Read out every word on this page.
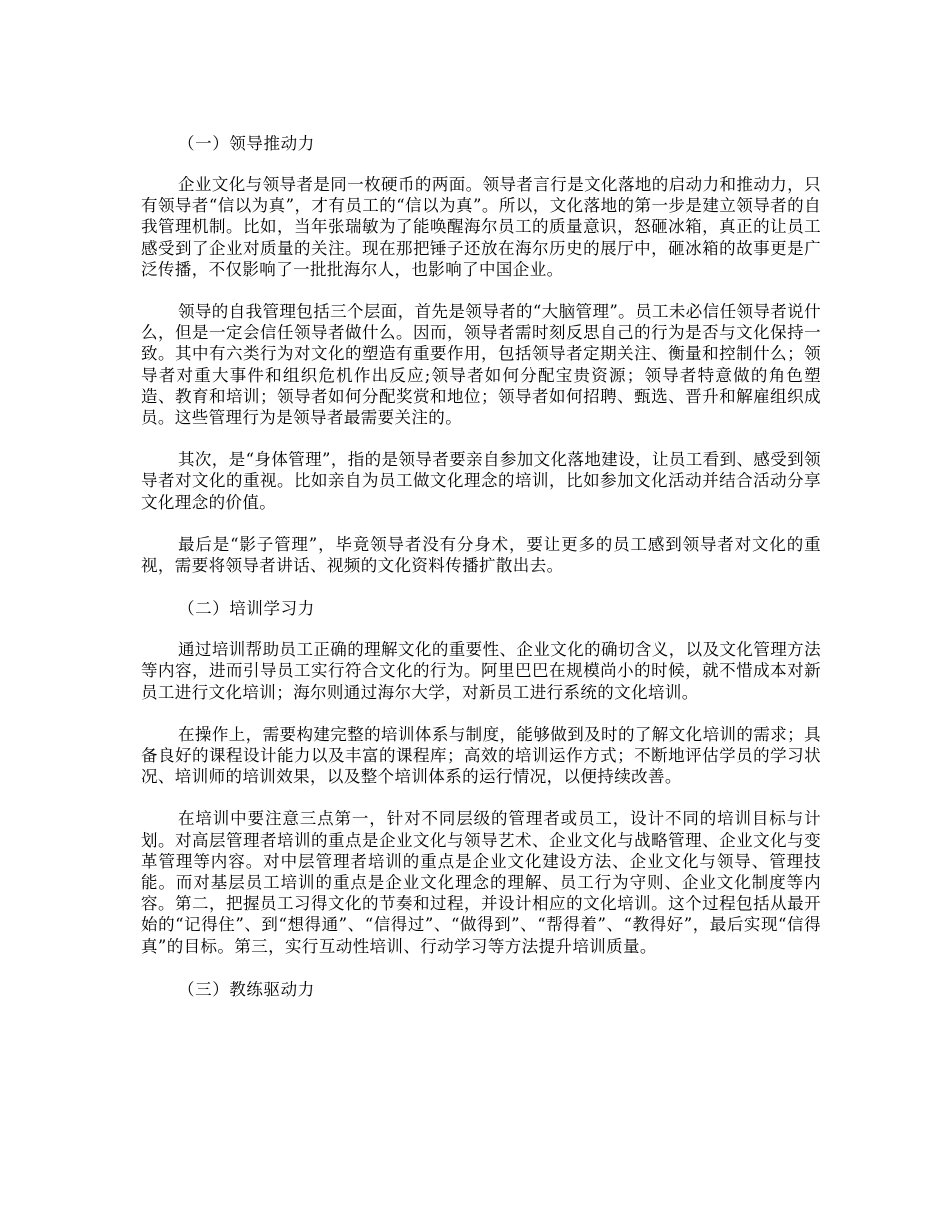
（一）领导推动力

企业文化与领导者是同一枚硬币的两面。领导者言行是文化落地的启动力和推动力，只有领导者“信以为真”，才有员工的“信以为真”。所以，文化落地的第一步是建立领导者的自我管理机制。比如，当年张瑞敏为了能唤醒海尔员工的质量意识，怒砸冰箱，真正的让员工感受到了企业对质量的关注。现在那把锤子还放在海尔历史的展厅中，砸冰箱的故事更是广泛传播，不仅影响了一批批海尔人，也影响了中国企业。

领导的自我管理包括三个层面，首先是领导者的“大脑管理”。员工未必信任领导者说什么，但是一定会信任领导者做什么。因而，领导者需时刻反思自己的行为是否与文化保持一致。其中有六类行为对文化的塑造有重要作用，包括领导者定期关注、衡量和控制什么；领导者对重大事件和组织危机作出反应;领导者如何分配宝贵资源；领导者特意做的角色塑造、教育和培训；领导者如何分配奖赏和地位；领导者如何招聘、甄选、晋升和解雇组织成员。这些管理行为是领导者最需要关注的。

其次，是“身体管理”，指的是领导者要亲自参加文化落地建设，让员工看到、感受到领导者对文化的重视。比如亲自为员工做文化理念的培训，比如参加文化活动并结合活动分享文化理念的价值。

最后是“影子管理”，毕竟领导者没有分身术，要让更多的员工感到领导者对文化的重视，需要将领导者讲话、视频的文化资料传播扩散出去。

（二）培训学习力

通过培训帮助员工正确的理解文化的重要性、企业文化的确切含义，以及文化管理方法等内容，进而引导员工实行符合文化的行为。阿里巴巴在规模尚小的时候，就不惜成本对新员工进行文化培训；海尔则通过海尔大学，对新员工进行系统的文化培训。

在操作上，需要构建完整的培训体系与制度，能够做到及时的了解文化培训的需求；具备良好的课程设计能力以及丰富的课程库；高效的培训运作方式；不断地评估学员的学习状况、培训师的培训效果，以及整个培训体系的运行情况，以便持续改善。

在培训中要注意三点第一，针对不同层级的管理者或员工，设计不同的培训目标与计划。对高层管理者培训的重点是企业文化与领导艺术、企业文化与战略管理、企业文化与变革管理等内容。对中层管理者培训的重点是企业文化建设方法、企业文化与领导、管理技能。而对基层员工培训的重点是企业文化理念的理解、员工行为守则、企业文化制度等内容。第二，把握员工习得文化的节奏和过程，并设计相应的文化培训。这个过程包括从最开始的“记得住”、到“想得通”、“信得过”、“做得到”、“帮得着”、“教得好”，最后实现“信得真”的目标。第三，实行互动性培训、行动学习等方法提升培训质量。

（三）教练驱动力
